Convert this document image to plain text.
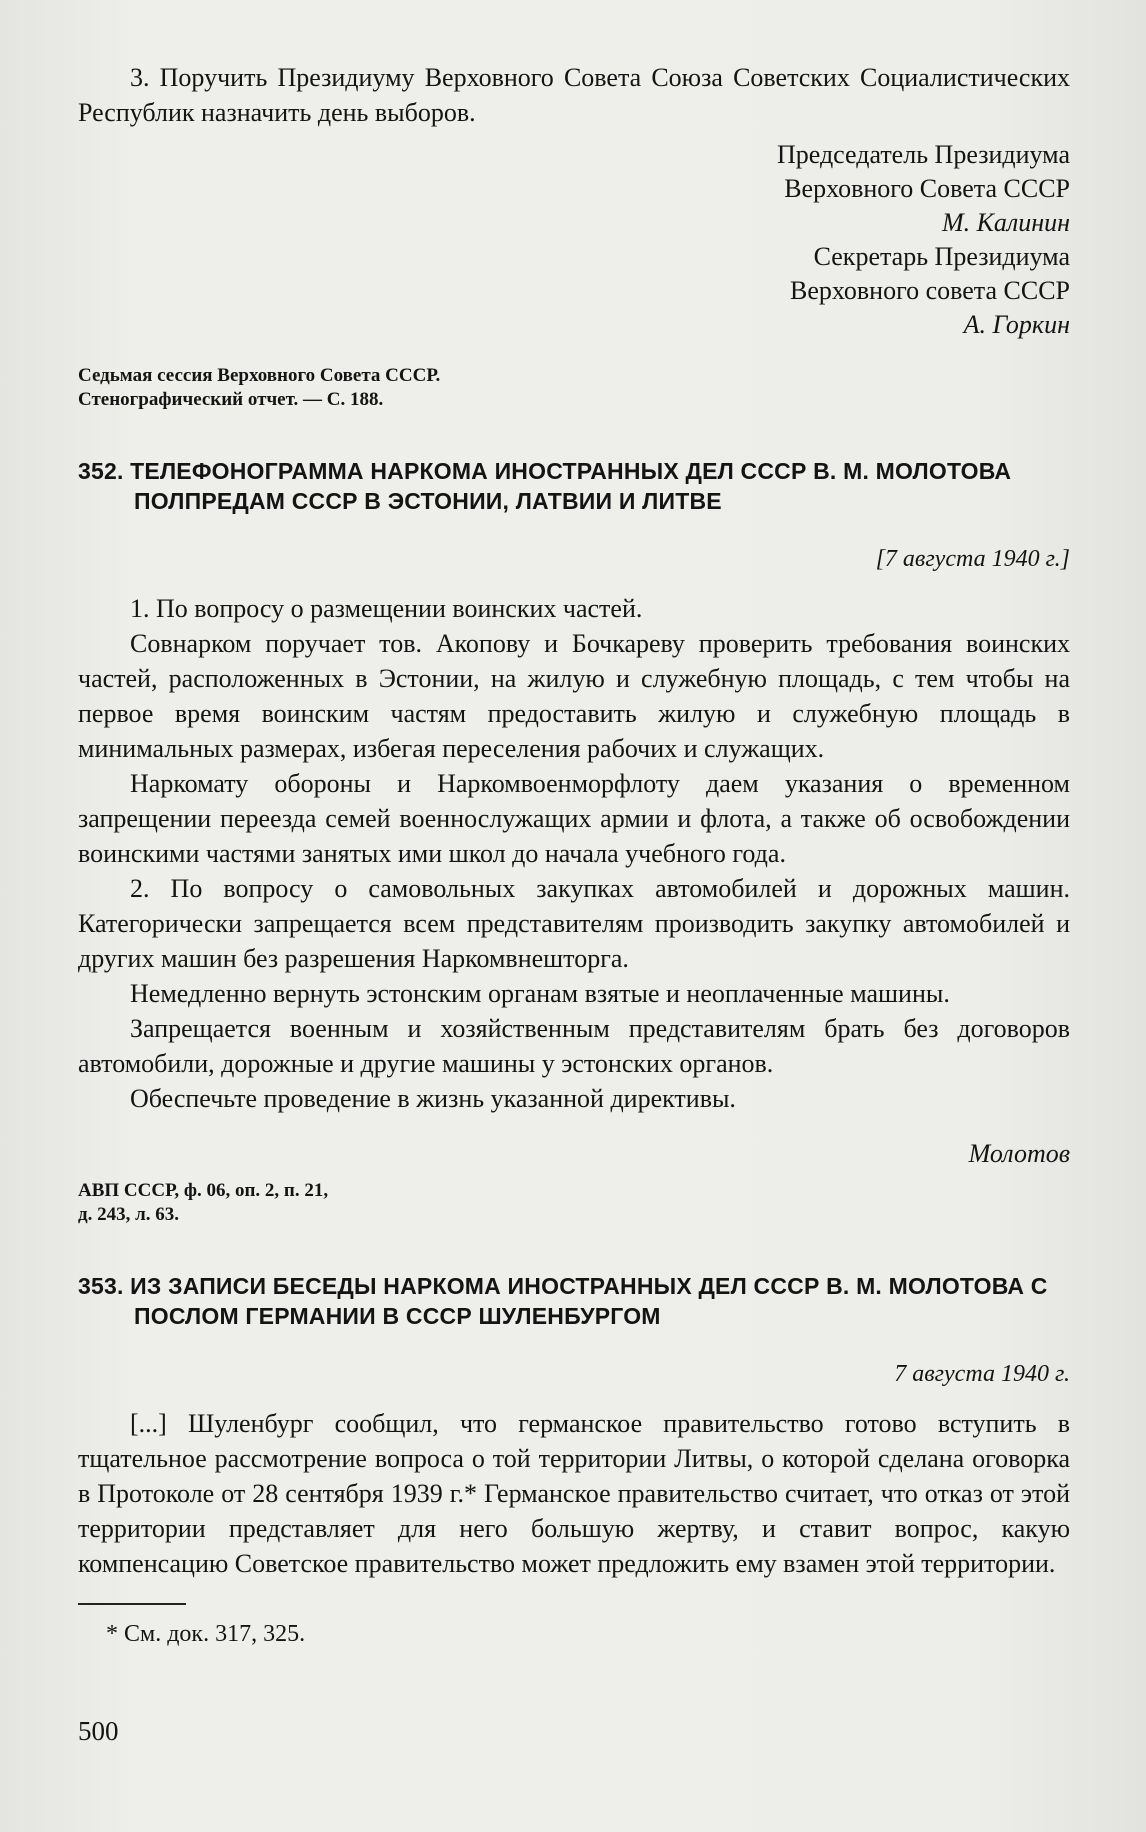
3. Поручить Президиуму Верховного Совета Союза Советских Социалистических Республик назначить день выборов.

Председатель Президиума

Верховного Совета СССР

М. Калинин

Секретарь Президиума

Верховного совета СССР

А. Горкин

Седьмая сессия Верховного Совета СССР.

Стенографический отчет. — С. 188.

352. ТЕЛЕФОНОГРАММА НАРКОМА ИНОСТРАННЫХ ДЕЛ СССР В. М. МОЛОТОВА ПОЛПРЕДАМ СССР В ЭСТОНИИ, ЛАТВИИ И ЛИТВЕ

[7 августа 1940 г.]

1. По вопросу о размещении воинских частей.

Совнарком поручает тов. Акопову и Бочкареву проверить требования воинских частей, расположенных в Эстонии, на жилую и служебную площадь, с тем чтобы на первое время воинским частям предоставить жилую и служебную площадь в минимальных размерах, избегая переселения рабочих и служащих.

Наркомату обороны и Наркомвоенморфлоту даем указания о временном запрещении переезда семей военнослужащих армии и флота, а также об освобождении воинскими частями занятых ими школ до начала учебного года.

2. По вопросу о самовольных закупках автомобилей и дорожных машин. Категорически запрещается всем представителям производить закупку автомобилей и других машин без разрешения Наркомвнешторга.

Немедленно вернуть эстонским органам взятые и неоплаченные машины.

Запрещается военным и хозяйственным представителям брать без договоров автомобили, дорожные и другие машины у эстонских органов.

Обеспечьте проведение в жизнь указанной директивы.

Молотов

АВП СССР, ф. 06, оп. 2, п. 21,

д. 243, л. 63.

353. ИЗ ЗАПИСИ БЕСЕДЫ НАРКОМА ИНОСТРАННЫХ ДЕЛ СССР В. М. МОЛОТОВА С ПОСЛОМ ГЕРМАНИИ В СССР ШУЛЕНБУРГОМ

7 августа 1940 г.

[...] Шуленбург сообщил, что германское правительство готово вступить в тщательное рассмотрение вопроса о той территории Литвы, о которой сделана оговорка в Протоколе от 28 сентября 1939 г.* Германское правительство считает, что отказ от этой территории представляет для него большую жертву, и ставит вопрос, какую компенсацию Советское правительство может предложить ему взамен этой территории.

* См. док. 317, 325.

500
